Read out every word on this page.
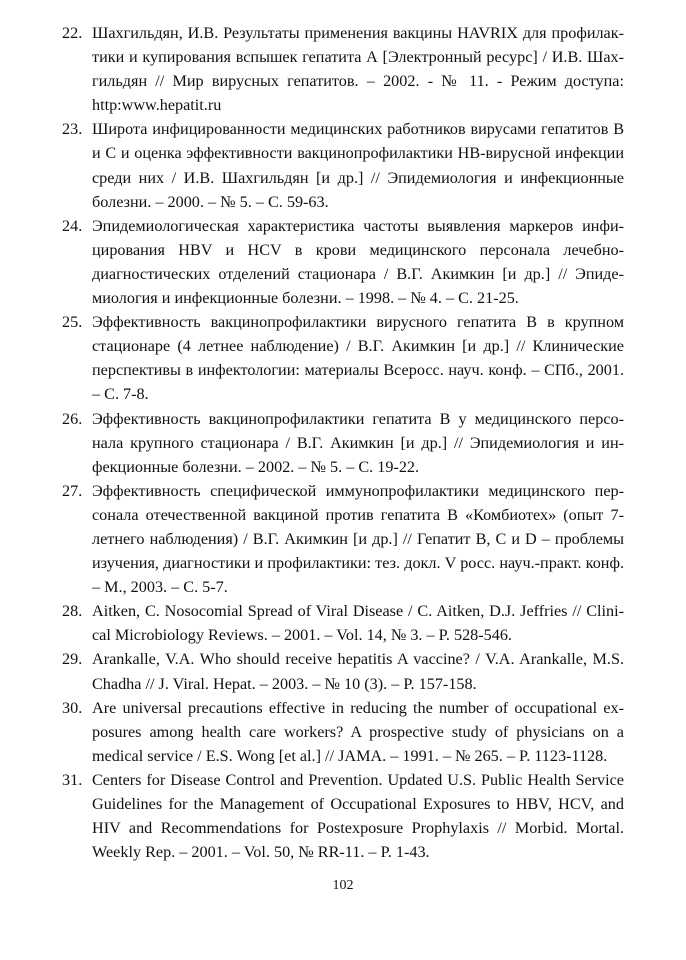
22. Шахгильдян, И.В. Результаты применения вакцины HAVRIX для профилактики и купирования вспышек гепатита А [Электронный ресурс] / И.В. Шахгильдян // Мир вирусных гепатитов. – 2002. - № 11. - Режим доступа: http:www.hepatit.ru
23. Широта инфицированности медицинских работников вирусами гепатитов В и С и оценка эффективности вакцинопрофилактики HB-вирусной инфекции среди них / И.В. Шахгильдян [и др.] // Эпидемиология и инфекционные болезни. – 2000. – № 5. – С. 59-63.
24. Эпидемиологическая характеристика частоты выявления маркеров инфицирования HBV и HCV в крови медицинского персонала лечебно-диагностических отделений стационара / В.Г. Акимкин [и др.] // Эпидемиология и инфекционные болезни. – 1998. – № 4. – С. 21-25.
25. Эффективность вакцинопрофилактики вирусного гепатита В в крупном стационаре (4 летнее наблюдение) / В.Г. Акимкин [и др.] // Клинические перспективы в инфектологии: материалы Всеросс. науч. конф. – СПб., 2001. – С. 7-8.
26. Эффективность вакцинопрофилактики гепатита В у медицинского персонала крупного стационара / В.Г. Акимкин [и др.] // Эпидемиология и инфекционные болезни. – 2002. – № 5. – С. 19-22.
27. Эффективность специфической иммунопрофилактики медицинского персонала отечественной вакциной против гепатита В «Комбиотех» (опыт 7-летнего наблюдения) / В.Г. Акимкин [и др.] // Гепатит В, С и D – проблемы изучения, диагностики и профилактики: тез. докл. V росс. науч.-практ. конф. – М., 2003. – С. 5-7.
28. Aitken, C. Nosocomial Spread of Viral Disease / C. Aitken, D.J. Jeffries // Clinical Microbiology Reviews. – 2001. – Vol. 14, № 3. – P. 528-546.
29. Arankalle, V.A. Who should receive hepatitis A vaccine? / V.A. Arankalle, M.S. Chadha // J. Viral. Hepat. – 2003. – № 10 (3). – P. 157-158.
30. Are universal precautions effective in reducing the number of occupational exposures among health care workers? A prospective study of physicians on a medical service / E.S. Wong [et al.] // JAMA. – 1991. – № 265. – P. 1123-1128.
31. Centers for Disease Control and Prevention. Updated U.S. Public Health Service Guidelines for the Management of Occupational Exposures to HBV, HCV, and HIV and Recommendations for Postexposure Prophylaxis // Morbid. Mortal. Weekly Rep. – 2001. – Vol. 50, № RR-11. – P. 1-43.
102
